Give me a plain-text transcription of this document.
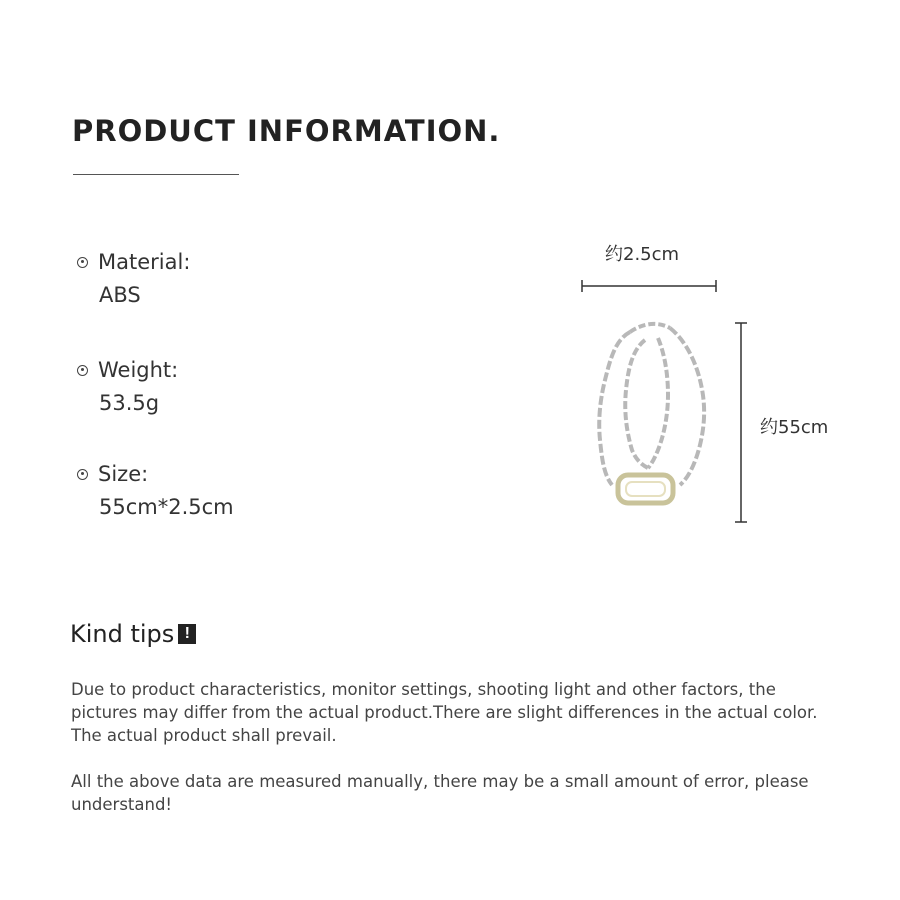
PRODUCT INFORMATION.
Material:
ABS
Weight:
53.5g
Size:
55cm*2.5cm
约2.5cm
约55cm
Kind tips !
Due to product characteristics, monitor settings, shooting light and other factors, the pictures may differ from the actual product.There are slight differences in the actual color. The actual product shall prevail.
All the above data are measured manually, there may be a small amount of error, please understand!
